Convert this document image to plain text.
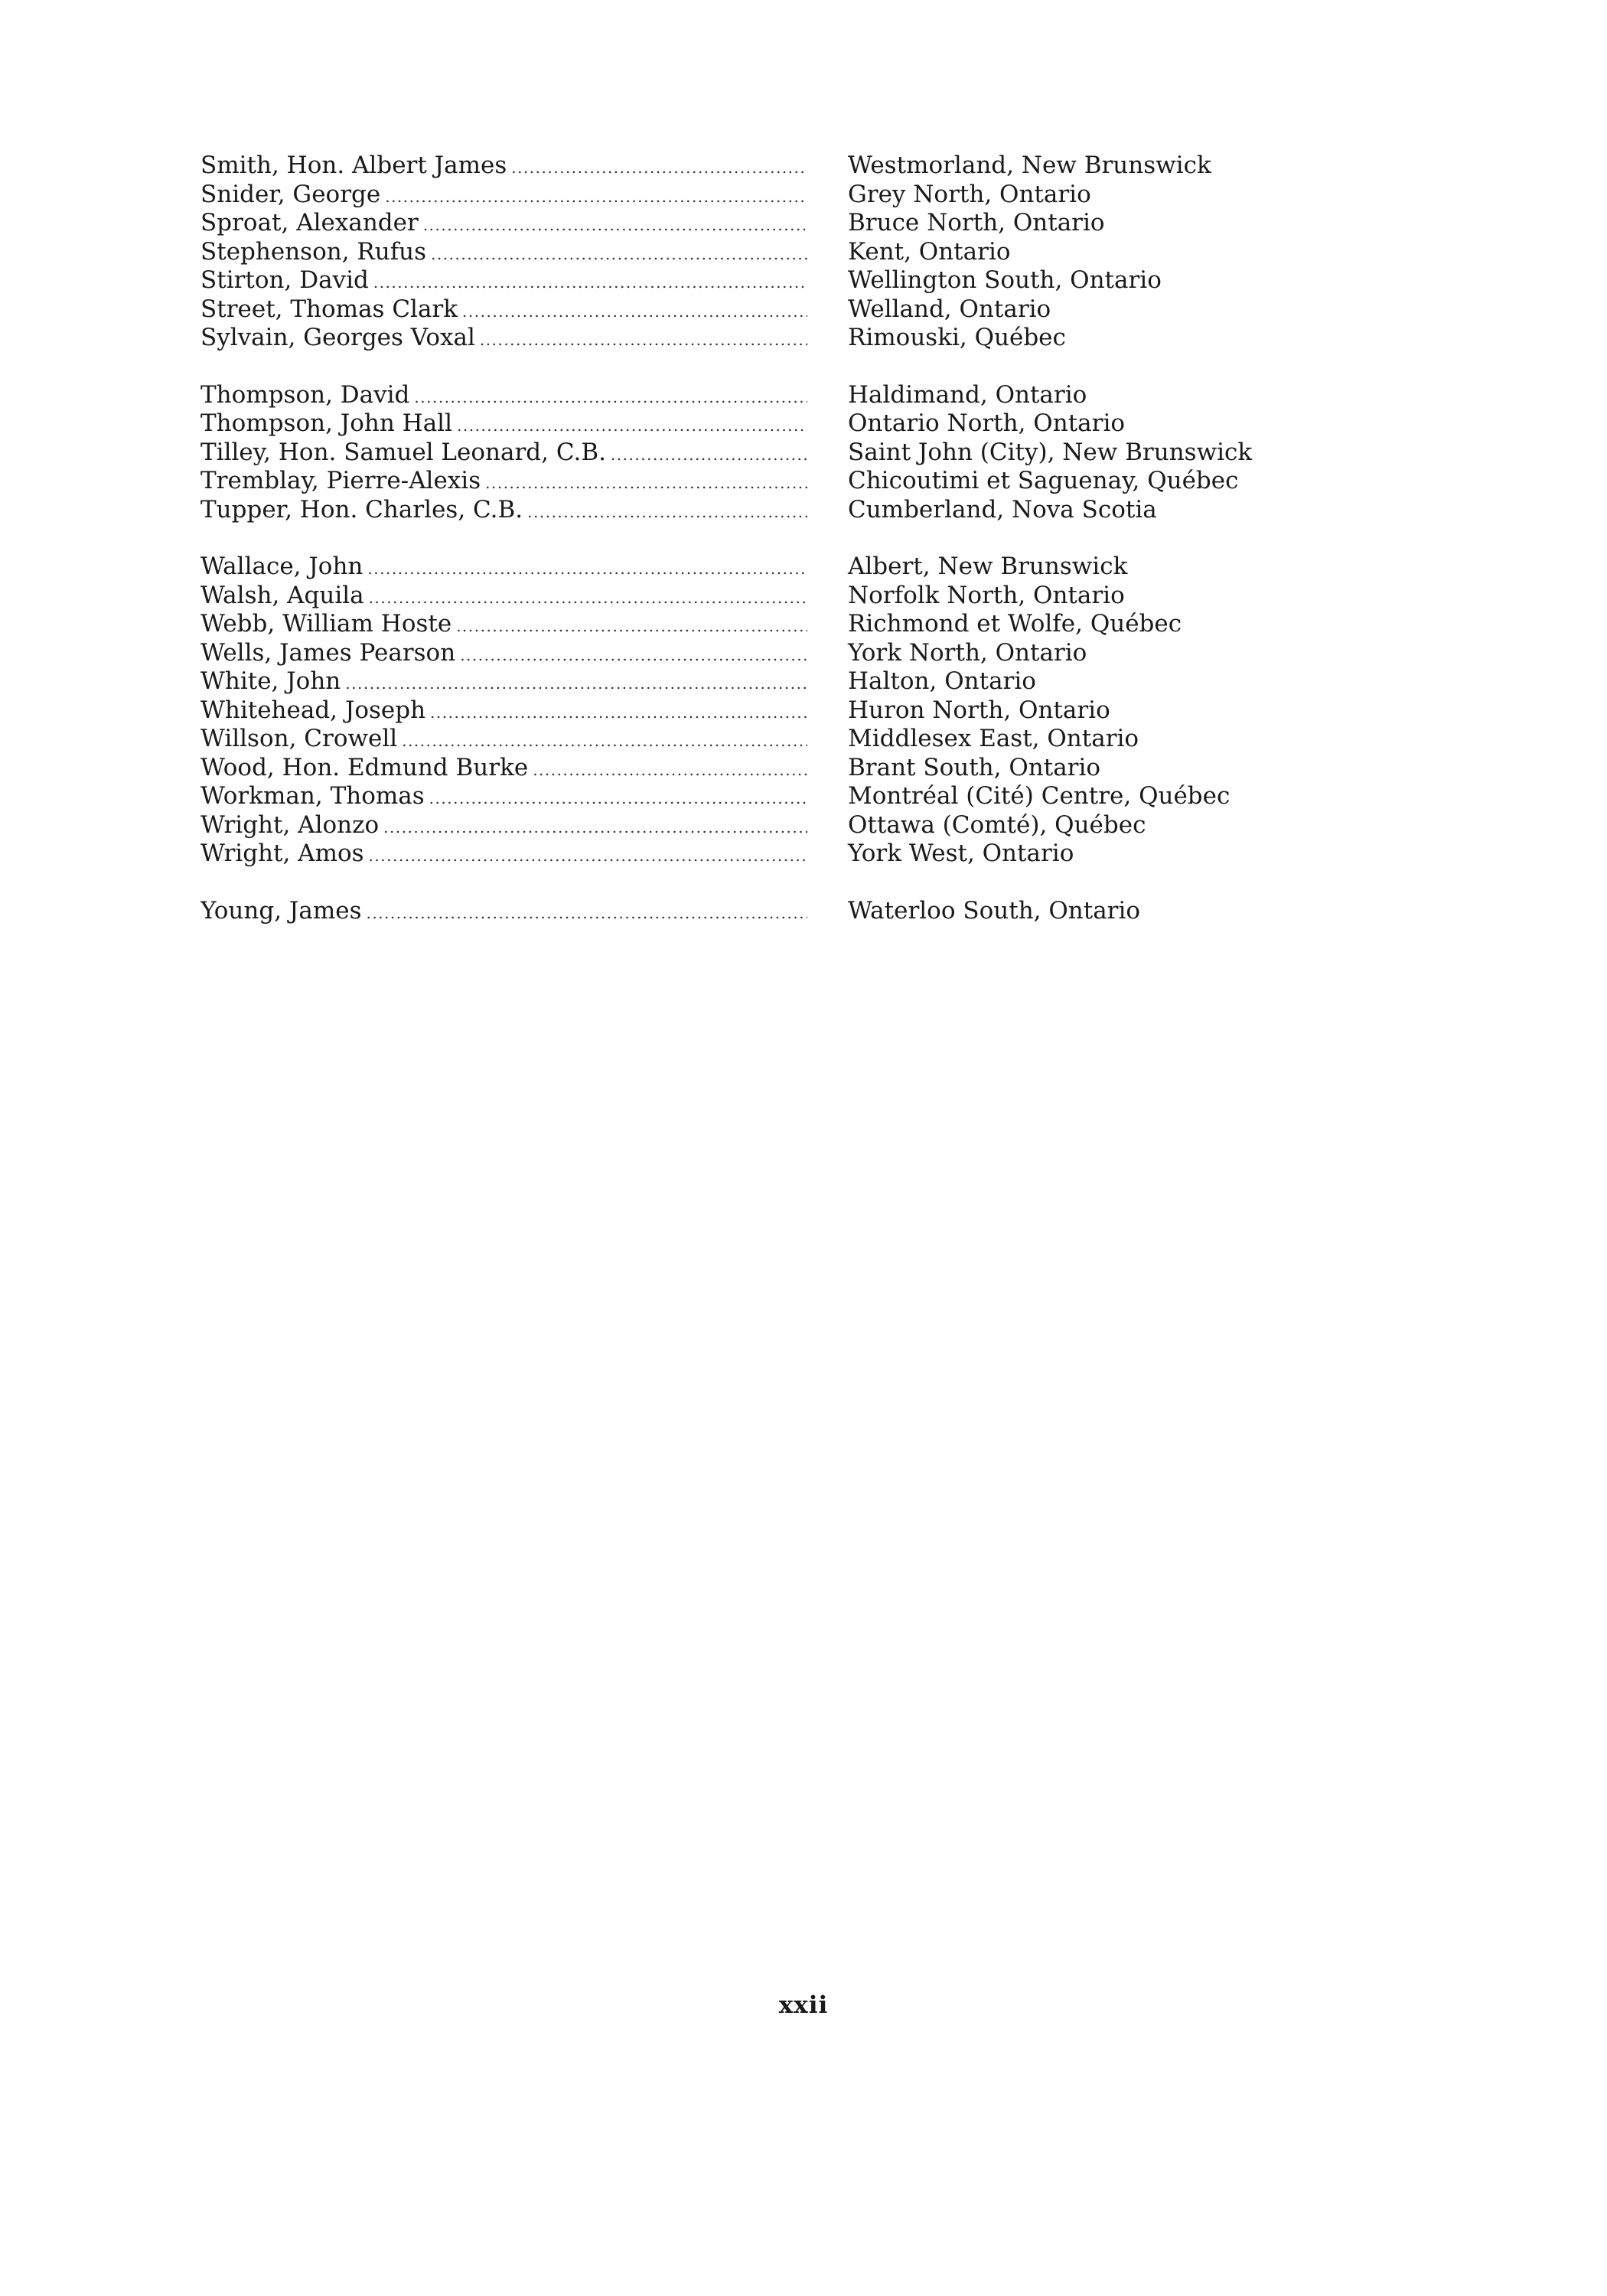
Smith, Hon. Albert James .....	Westmorland, New Brunswick
Snider, George .....	Grey North, Ontario
Sproat, Alexander .....	Bruce North, Ontario
Stephenson, Rufus .....	Kent, Ontario
Stirton, David .....	Wellington South, Ontario
Street, Thomas Clark .....	Welland, Ontario
Sylvain, Georges Voxal .....	Rimouski, Québec
Thompson, David .....	Haldimand, Ontario
Thompson, John Hall .....	Ontario North, Ontario
Tilley, Hon. Samuel Leonard, C.B. .....	Saint John (City), New Brunswick
Tremblay, Pierre-Alexis .....	Chicoutimi et Saguenay, Québec
Tupper, Hon. Charles, C.B. .....	Cumberland, Nova Scotia
Wallace, John .....	Albert, New Brunswick
Walsh, Aquila .....	Norfolk North, Ontario
Webb, William Hoste .....	Richmond et Wolfe, Québec
Wells, James Pearson .....	York North, Ontario
White, John .....	Halton, Ontario
Whitehead, Joseph .....	Huron North, Ontario
Willson, Crowell .....	Middlesex East, Ontario
Wood, Hon. Edmund Burke .....	Brant South, Ontario
Workman, Thomas .....	Montréal (Cité) Centre, Québec
Wright, Alonzo .....	Ottawa (Comté), Québec
Wright, Amos .....	York West, Ontario
Young, James .....	Waterloo South, Ontario
xxii
